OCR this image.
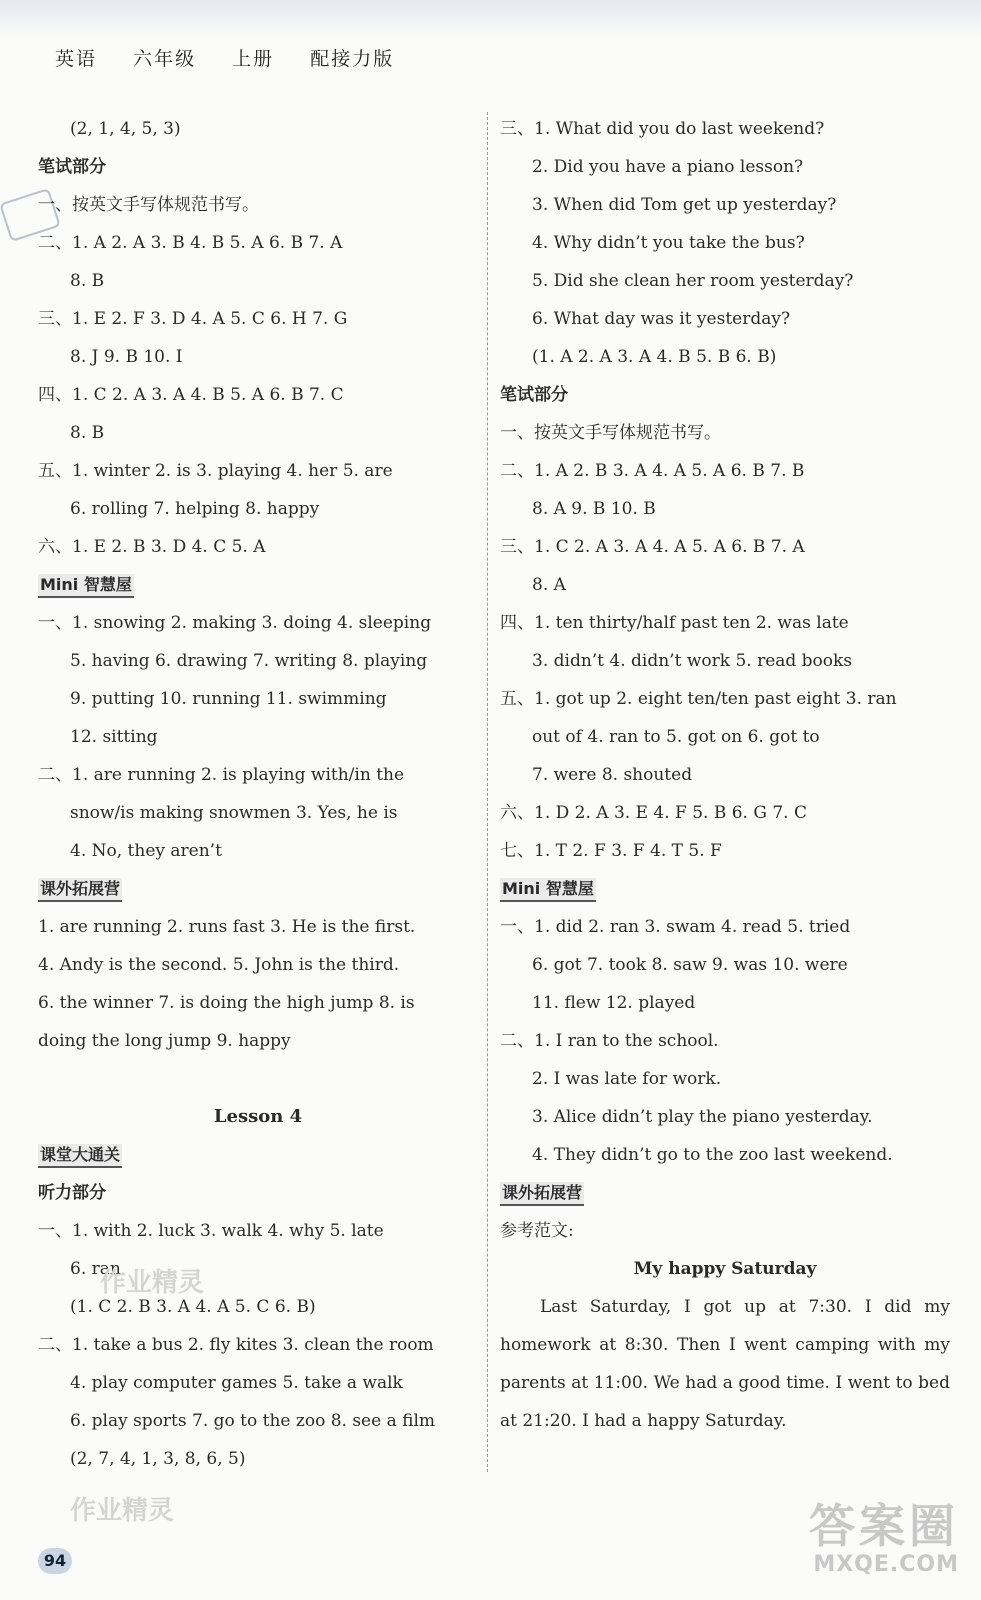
英语 六年级 上册 配接力版
(2, 1, 4, 5, 3)
笔试部分
一、按英文手写体规范书写。
二、1. A 2. A 3. B 4. B 5. A 6. B 7. A
8. B
三、1. E 2. F 3. D 4. A 5. C 6. H 7. G
8. J 9. B 10. I
四、1. C 2. A 3. A 4. B 5. A 6. B 7. C
8. B
五、1. winter 2. is 3. playing 4. her 5. are
6. rolling 7. helping 8. happy
六、1. E 2. B 3. D 4. C 5. A
Mini 智慧屋
一、1. snowing 2. making 3. doing 4. sleeping
5. having 6. drawing 7. writing 8. playing
9. putting 10. running 11. swimming
12. sitting
二、1. are running 2. is playing with/in the
snow/is making snowmen 3. Yes, he is
4. No, they aren’t
课外拓展营
1. are running 2. runs fast 3. He is the first.
4. Andy is the second. 5. John is the third.
6. the winner 7. is doing the high jump 8. is
doing the long jump 9. happy
Lesson 4
课堂大通关
听力部分
一、1. with 2. luck 3. walk 4. why 5. late
6. ran
(1. C 2. B 3. A 4. A 5. C 6. B)
二、1. take a bus 2. fly kites 3. clean the room
4. play computer games 5. take a walk
6. play sports 7. go to the zoo 8. see a film
(2, 7, 4, 1, 3, 8, 6, 5)
三、1. What did you do last weekend?
2. Did you have a piano lesson?
3. When did Tom get up yesterday?
4. Why didn’t you take the bus?
5. Did she clean her room yesterday?
6. What day was it yesterday?
(1. A 2. A 3. A 4. B 5. B 6. B)
笔试部分
一、按英文手写体规范书写。
二、1. A 2. B 3. A 4. A 5. A 6. B 7. B
8. A 9. B 10. B
三、1. C 2. A 3. A 4. A 5. A 6. B 7. A
8. A
四、1. ten thirty/half past ten 2. was late
3. didn’t 4. didn’t work 5. read books
五、1. got up 2. eight ten/ten past eight 3. ran
out of 4. ran to 5. got on 6. got to
7. were 8. shouted
六、1. D 2. A 3. E 4. F 5. B 6. G 7. C
七、1. T 2. F 3. F 4. T 5. F
Mini 智慧屋
一、1. did 2. ran 3. swam 4. read 5. tried
6. got 7. took 8. saw 9. was 10. were
11. flew 12. played
二、1. I ran to the school.
2. I was late for work.
3. Alice didn’t play the piano yesterday.
4. They didn’t go to the zoo last weekend.
课外拓展营
参考范文:
My happy Saturday

Last Saturday, I got up at 7:30. I did my homework at 8:30. Then I went camping with my parents at 11:00. We had a good time. I went to bed at 21:20. I had a happy Saturday.

作业精灵
作业精灵	答案圈
MXQE.COM
94
